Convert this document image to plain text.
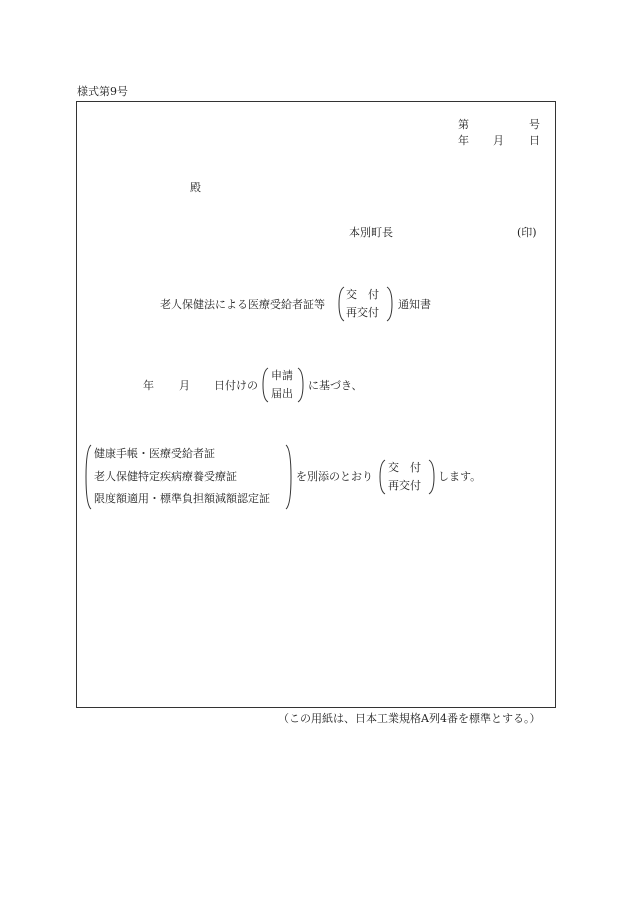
様式第9号
第	号
年 月 日
殿
本別町長	(印)
老人保健法による医療受給者証等
交　付
再交付
通知書
年 月 日付けの
申請
届出
に基づき、
健康手帳・医療受給者証
老人保健特定疾病療養受療証
限度額適用・標準負担額減額認定証
を別添のとおり
交　付
再交付
します。
（この用紙は、日本工業規格A列4番を標準とする。）
